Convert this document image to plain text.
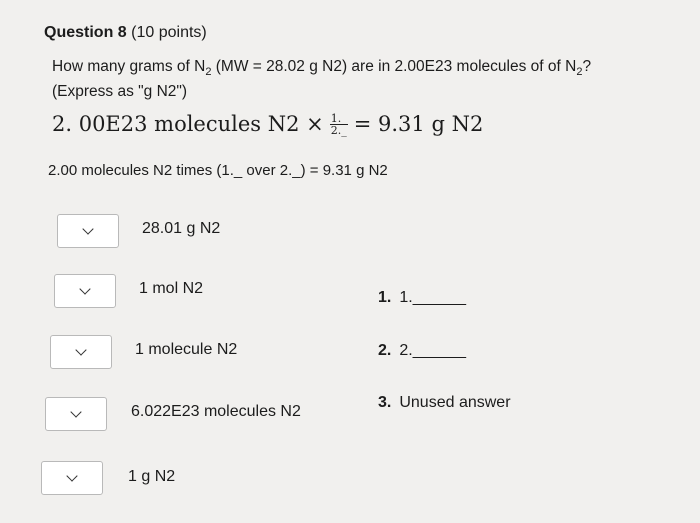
Question 8 (10 points)
How many grams of $N_2$ (MW = 28.02 g N2) are in 2.00E23 molecules of of $N_2$?
(Express as "g N2")
2. 00E23 molecules $N2 \times \frac{1.\_}{2.\_} = 9.31$ g N2
2.00 molecules N2 times (1._ over 2._) = 9.31 g N2
28.01 g N2
1 mol N2
1 molecule N2
6.022E23 molecules N2
1 g N2
1. 1.______
2. 2.______
3. Unused answer
